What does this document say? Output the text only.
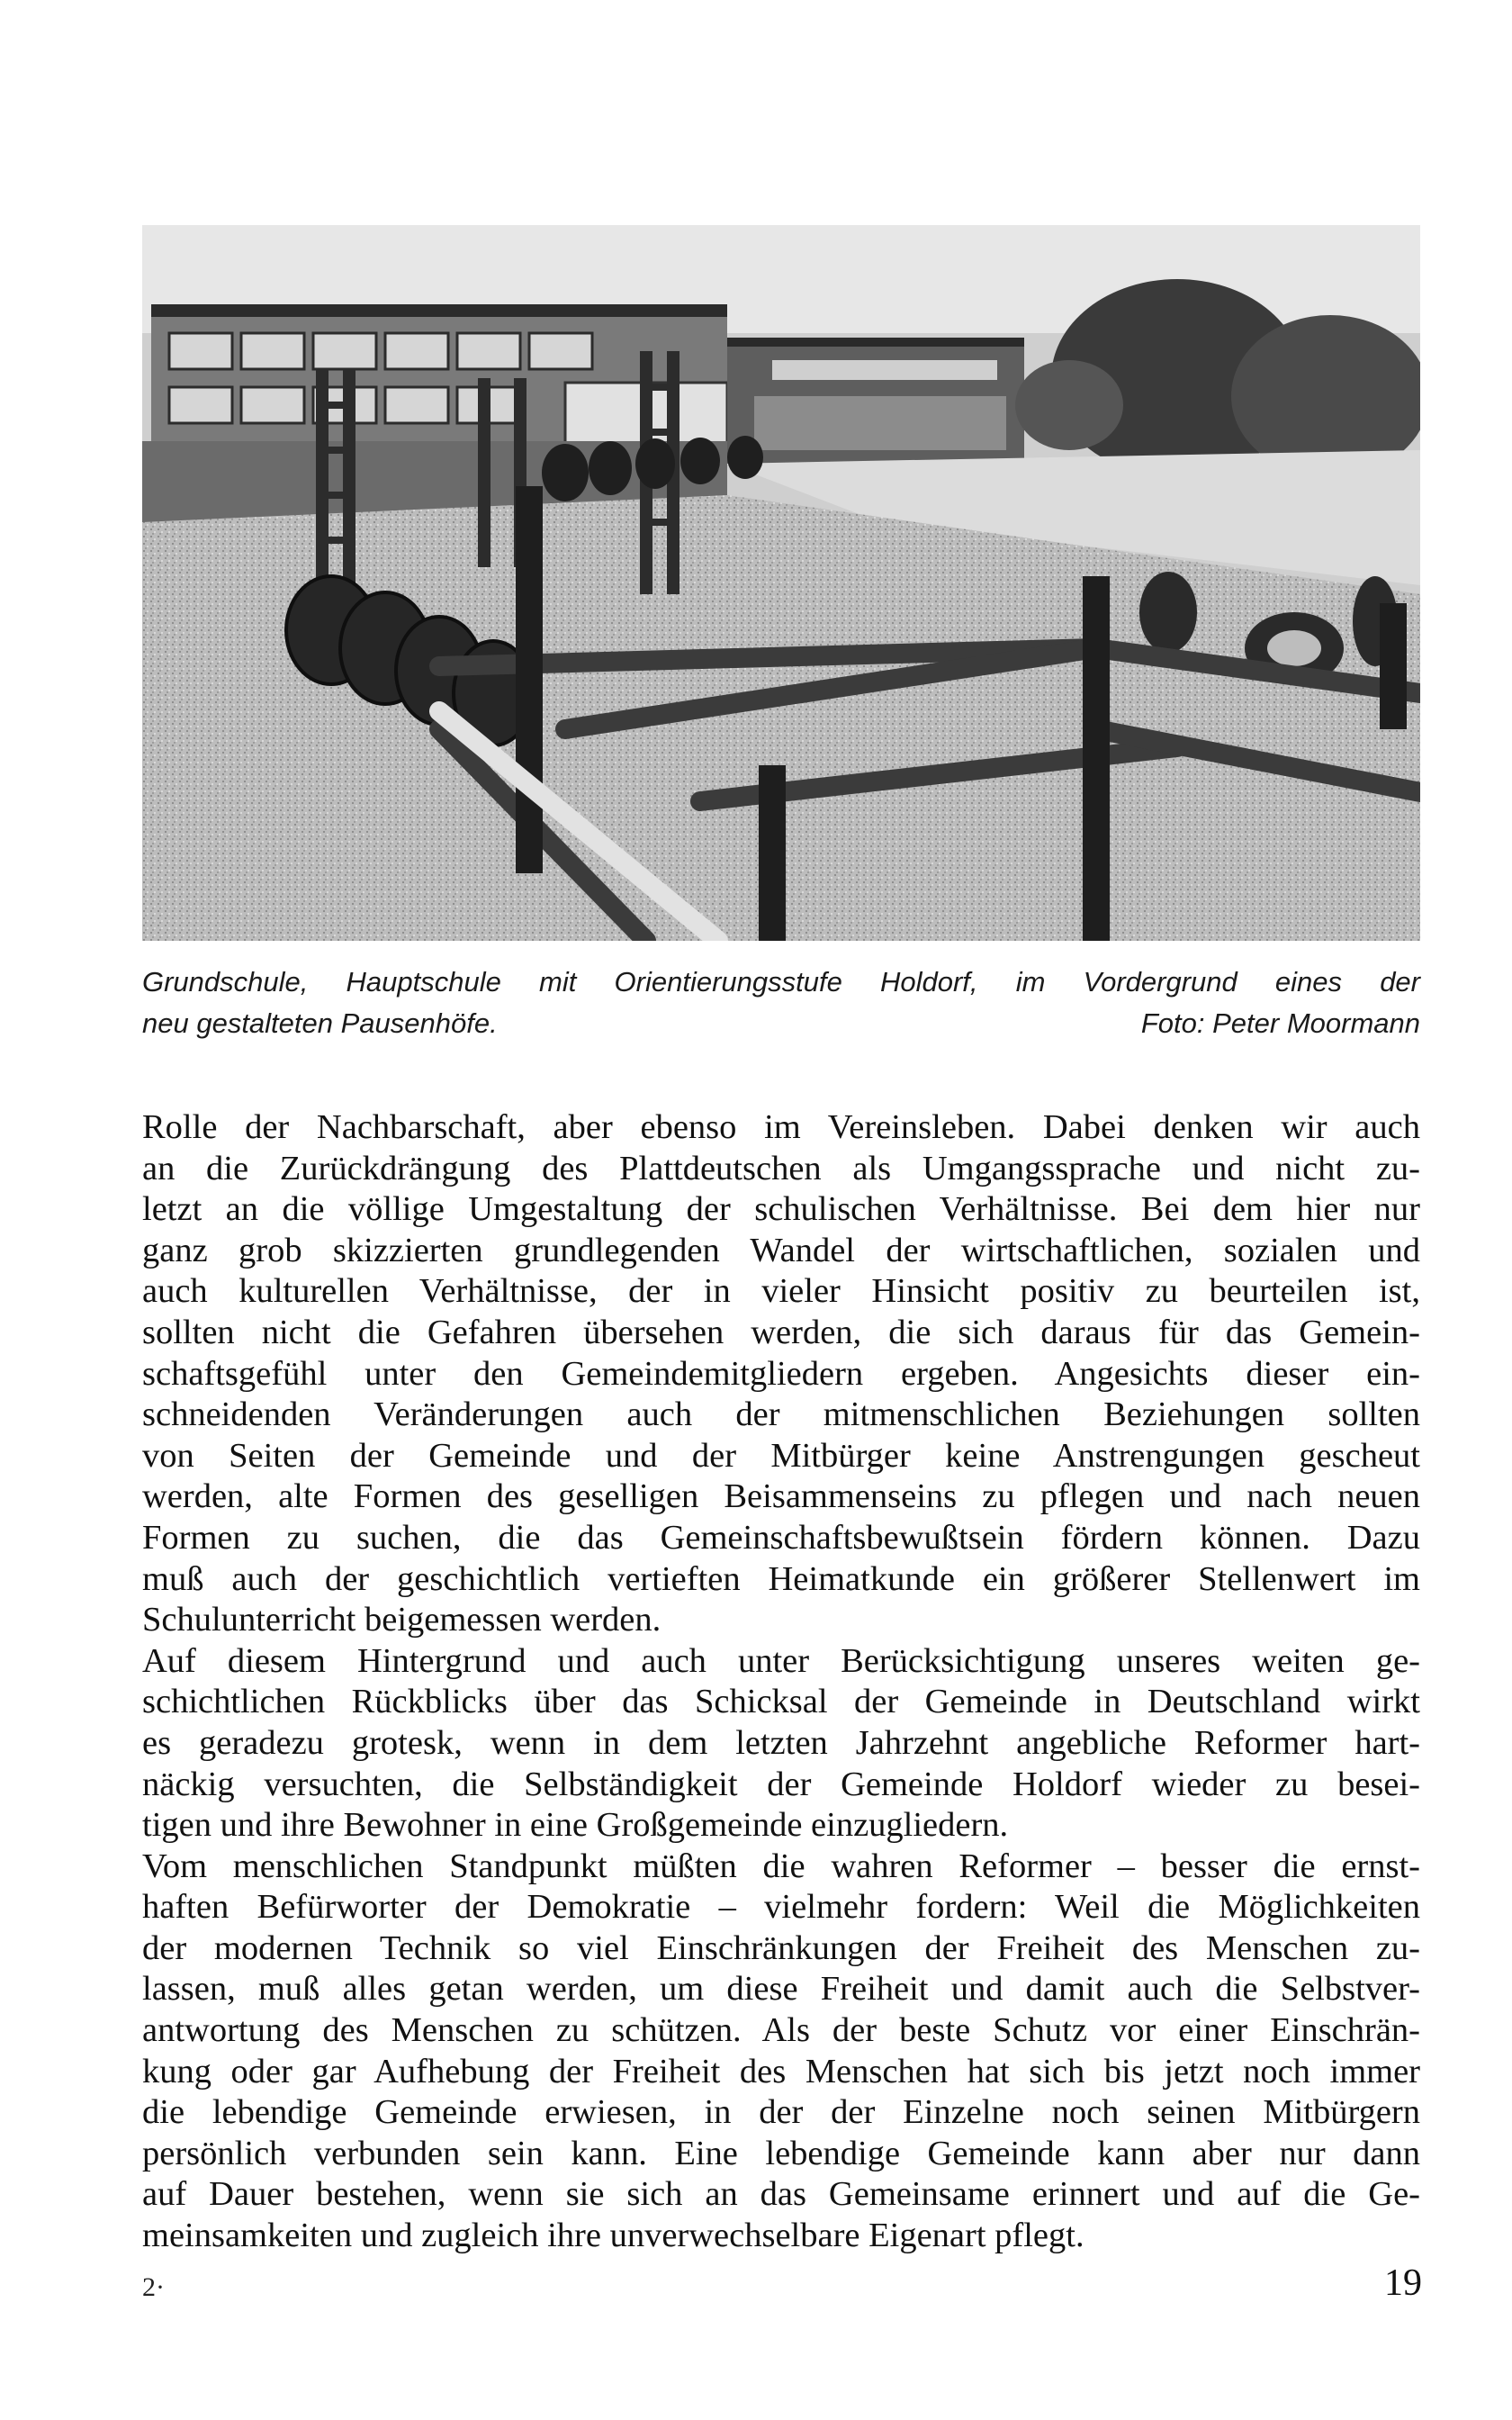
Grundschule, Hauptschule mit Orientierungsstufe Holdorf, im Vordergrund eines der
neu gestalteten Pausenhöfe.	Foto: Peter Moormann
Rolle der Nachbarschaft, aber ebenso im Vereinsleben. Dabei denken wir auch
an die Zurückdrängung des Plattdeutschen als Umgangssprache und nicht zu-
letzt an die völlige Umgestaltung der schulischen Verhältnisse. Bei dem hier nur
ganz grob skizzierten grundlegenden Wandel der wirtschaftlichen, sozialen und
auch kulturellen Verhältnisse, der in vieler Hinsicht positiv zu beurteilen ist,
sollten nicht die Gefahren übersehen werden, die sich daraus für das Gemein-
schaftsgefühl unter den Gemeindemitgliedern ergeben. Angesichts dieser ein-
schneidenden Veränderungen auch der mitmenschlichen Beziehungen sollten
von Seiten der Gemeinde und der Mitbürger keine Anstrengungen gescheut
werden, alte Formen des geselligen Beisammenseins zu pflegen und nach neuen
Formen zu suchen, die das Gemeinschaftsbewußtsein fördern können. Dazu
muß auch der geschichtlich vertieften Heimatkunde ein größerer Stellenwert im
Schulunterricht beigemessen werden.
Auf diesem Hintergrund und auch unter Berücksichtigung unseres weiten ge-
schichtlichen Rückblicks über das Schicksal der Gemeinde in Deutschland wirkt
es geradezu grotesk, wenn in dem letzten Jahrzehnt angebliche Reformer hart-
näckig versuchten, die Selbständigkeit der Gemeinde Holdorf wieder zu besei-
tigen und ihre Bewohner in eine Großgemeinde einzugliedern.
Vom menschlichen Standpunkt müßten die wahren Reformer – besser die ernst-
haften Befürworter der Demokratie – vielmehr fordern: Weil die Möglichkeiten
der modernen Technik so viel Einschränkungen der Freiheit des Menschen zu-
lassen, muß alles getan werden, um diese Freiheit und damit auch die Selbstver-
antwortung des Menschen zu schützen. Als der beste Schutz vor einer Einschrän-
kung oder gar Aufhebung der Freiheit des Menschen hat sich bis jetzt noch immer
die lebendige Gemeinde erwiesen, in der der Einzelne noch seinen Mitbürgern
persönlich verbunden sein kann. Eine lebendige Gemeinde kann aber nur dann
auf Dauer bestehen, wenn sie sich an das Gemeinsame erinnert und auf die Ge-
meinsamkeiten und zugleich ihre unverwechselbare Eigenart pflegt.
2·	19
